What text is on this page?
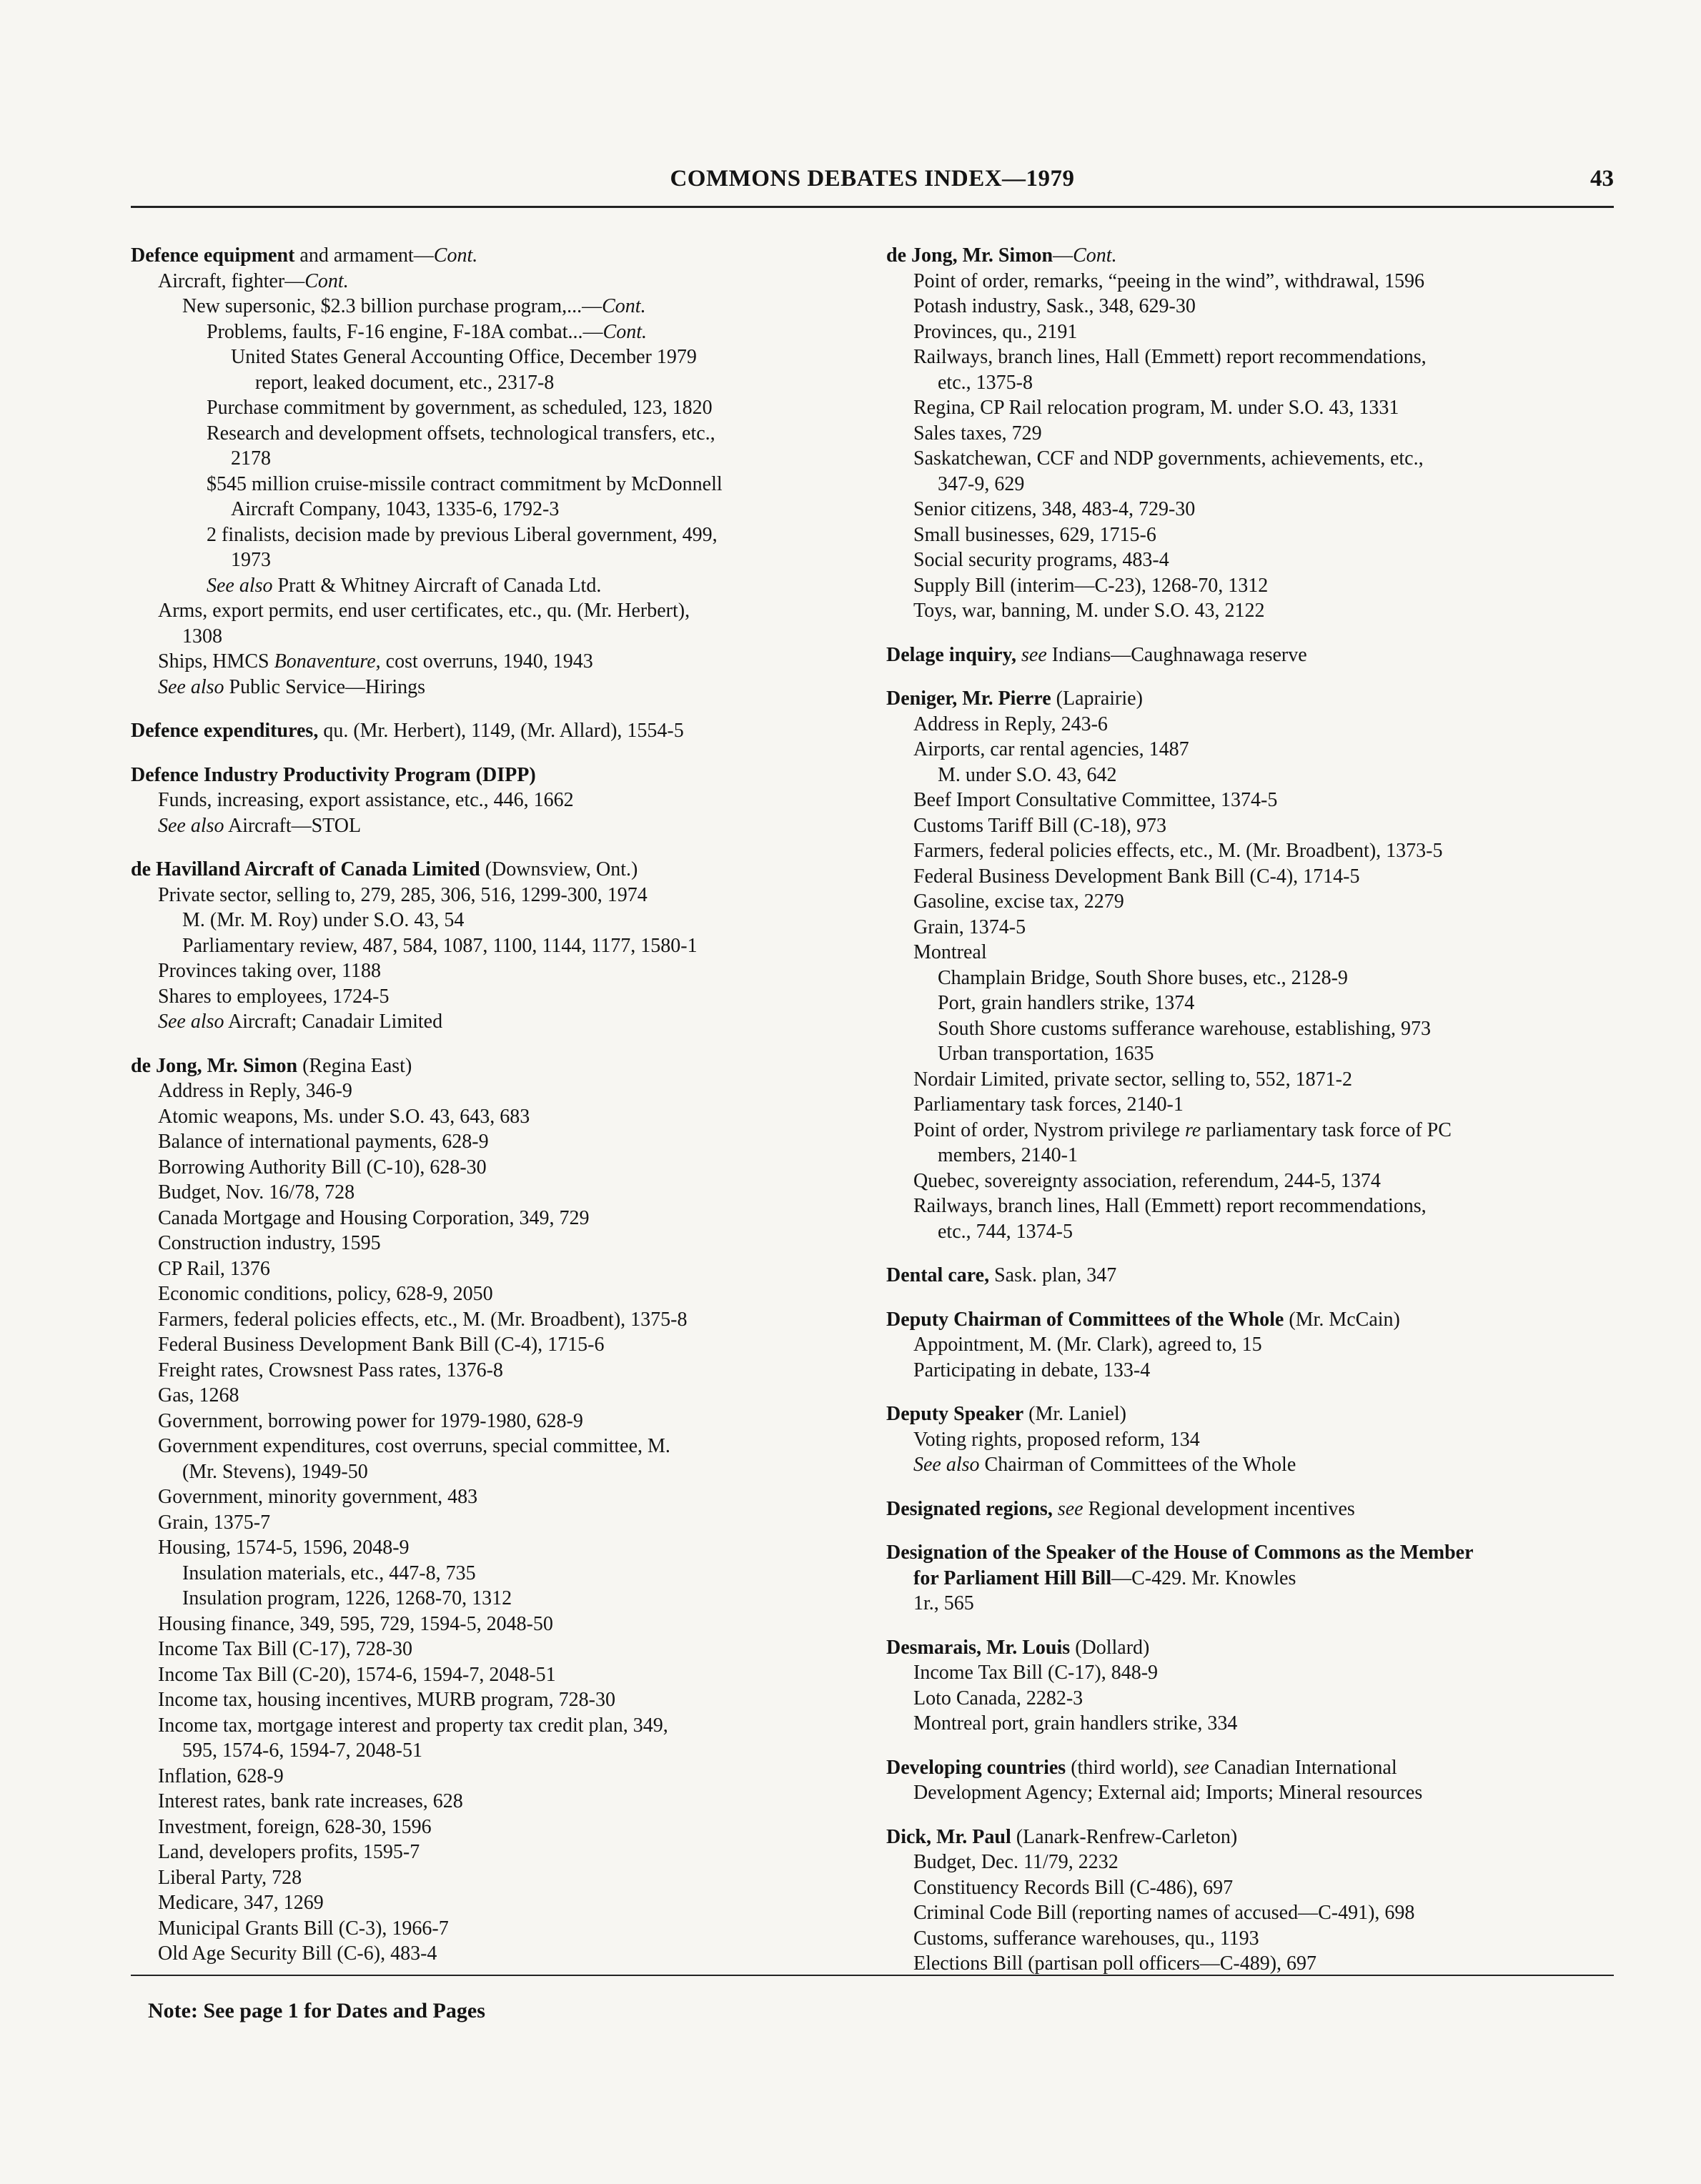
COMMONS DEBATES INDEX—1979	43
Defence equipment and armament—Cont.
Aircraft, fighter—Cont.
New supersonic, $2.3 billion purchase program,...—Cont.
Problems, faults, F-16 engine, F-18A combat...—Cont.
United States General Accounting Office, December 1979
report, leaked document, etc., 2317-8
Purchase commitment by government, as scheduled, 123, 1820
Research and development offsets, technological transfers, etc.,
2178
$545 million cruise-missile contract commitment by McDonnell
Aircraft Company, 1043, 1335-6, 1792-3
2 finalists, decision made by previous Liberal government, 499,
1973
See also Pratt & Whitney Aircraft of Canada Ltd.
Arms, export permits, end user certificates, etc., qu. (Mr. Herbert),
1308
Ships, HMCS Bonaventure, cost overruns, 1940, 1943
See also Public Service—Hirings
Defence expenditures, qu. (Mr. Herbert), 1149, (Mr. Allard), 1554-5
Defence Industry Productivity Program (DIPP)
Funds, increasing, export assistance, etc., 446, 1662
See also Aircraft—STOL
de Havilland Aircraft of Canada Limited (Downsview, Ont.)
Private sector, selling to, 279, 285, 306, 516, 1299-300, 1974
M. (Mr. M. Roy) under S.O. 43, 54
Parliamentary review, 487, 584, 1087, 1100, 1144, 1177, 1580-1
Provinces taking over, 1188
Shares to employees, 1724-5
See also Aircraft; Canadair Limited
de Jong, Mr. Simon (Regina East)
Address in Reply, 346-9
Atomic weapons, Ms. under S.O. 43, 643, 683
Balance of international payments, 628-9
Borrowing Authority Bill (C-10), 628-30
Budget, Nov. 16/78, 728
Canada Mortgage and Housing Corporation, 349, 729
Construction industry, 1595
CP Rail, 1376
Economic conditions, policy, 628-9, 2050
Farmers, federal policies effects, etc., M. (Mr. Broadbent), 1375-8
Federal Business Development Bank Bill (C-4), 1715-6
Freight rates, Crowsnest Pass rates, 1376-8
Gas, 1268
Government, borrowing power for 1979-1980, 628-9
Government expenditures, cost overruns, special committee, M.
(Mr. Stevens), 1949-50
Government, minority government, 483
Grain, 1375-7
Housing, 1574-5, 1596, 2048-9
Insulation materials, etc., 447-8, 735
Insulation program, 1226, 1268-70, 1312
Housing finance, 349, 595, 729, 1594-5, 2048-50
Income Tax Bill (C-17), 728-30
Income Tax Bill (C-20), 1574-6, 1594-7, 2048-51
Income tax, housing incentives, MURB program, 728-30
Income tax, mortgage interest and property tax credit plan, 349,
595, 1574-6, 1594-7, 2048-51
Inflation, 628-9
Interest rates, bank rate increases, 628
Investment, foreign, 628-30, 1596
Land, developers profits, 1595-7
Liberal Party, 728
Medicare, 347, 1269
Municipal Grants Bill (C-3), 1966-7
Old Age Security Bill (C-6), 483-4
de Jong, Mr. Simon—Cont.
Point of order, remarks, “peeing in the wind”, withdrawal, 1596
Potash industry, Sask., 348, 629-30
Provinces, qu., 2191
Railways, branch lines, Hall (Emmett) report recommendations,
etc., 1375-8
Regina, CP Rail relocation program, M. under S.O. 43, 1331
Sales taxes, 729
Saskatchewan, CCF and NDP governments, achievements, etc.,
347-9, 629
Senior citizens, 348, 483-4, 729-30
Small businesses, 629, 1715-6
Social security programs, 483-4
Supply Bill (interim—C-23), 1268-70, 1312
Toys, war, banning, M. under S.O. 43, 2122
Delage inquiry, see Indians—Caughnawaga reserve
Deniger, Mr. Pierre (Laprairie)
Address in Reply, 243-6
Airports, car rental agencies, 1487
M. under S.O. 43, 642
Beef Import Consultative Committee, 1374-5
Customs Tariff Bill (C-18), 973
Farmers, federal policies effects, etc., M. (Mr. Broadbent), 1373-5
Federal Business Development Bank Bill (C-4), 1714-5
Gasoline, excise tax, 2279
Grain, 1374-5
Montreal
Champlain Bridge, South Shore buses, etc., 2128-9
Port, grain handlers strike, 1374
South Shore customs sufferance warehouse, establishing, 973
Urban transportation, 1635
Nordair Limited, private sector, selling to, 552, 1871-2
Parliamentary task forces, 2140-1
Point of order, Nystrom privilege re parliamentary task force of PC
members, 2140-1
Quebec, sovereignty association, referendum, 244-5, 1374
Railways, branch lines, Hall (Emmett) report recommendations,
etc., 744, 1374-5
Dental care, Sask. plan, 347
Deputy Chairman of Committees of the Whole (Mr. McCain)
Appointment, M. (Mr. Clark), agreed to, 15
Participating in debate, 133-4
Deputy Speaker (Mr. Laniel)
Voting rights, proposed reform, 134
See also Chairman of Committees of the Whole
Designated regions, see Regional development incentives
Designation of the Speaker of the House of Commons as the Member
for Parliament Hill Bill—C-429. Mr. Knowles
1r., 565
Desmarais, Mr. Louis (Dollard)
Income Tax Bill (C-17), 848-9
Loto Canada, 2282-3
Montreal port, grain handlers strike, 334
Developing countries (third world), see Canadian International
Development Agency; External aid; Imports; Mineral resources
Dick, Mr. Paul (Lanark-Renfrew-Carleton)
Budget, Dec. 11/79, 2232
Constituency Records Bill (C-486), 697
Criminal Code Bill (reporting names of accused—C-491), 698
Customs, sufferance warehouses, qu., 1193
Elections Bill (partisan poll officers—C-489), 697
Note: See page 1 for Dates and Pages
